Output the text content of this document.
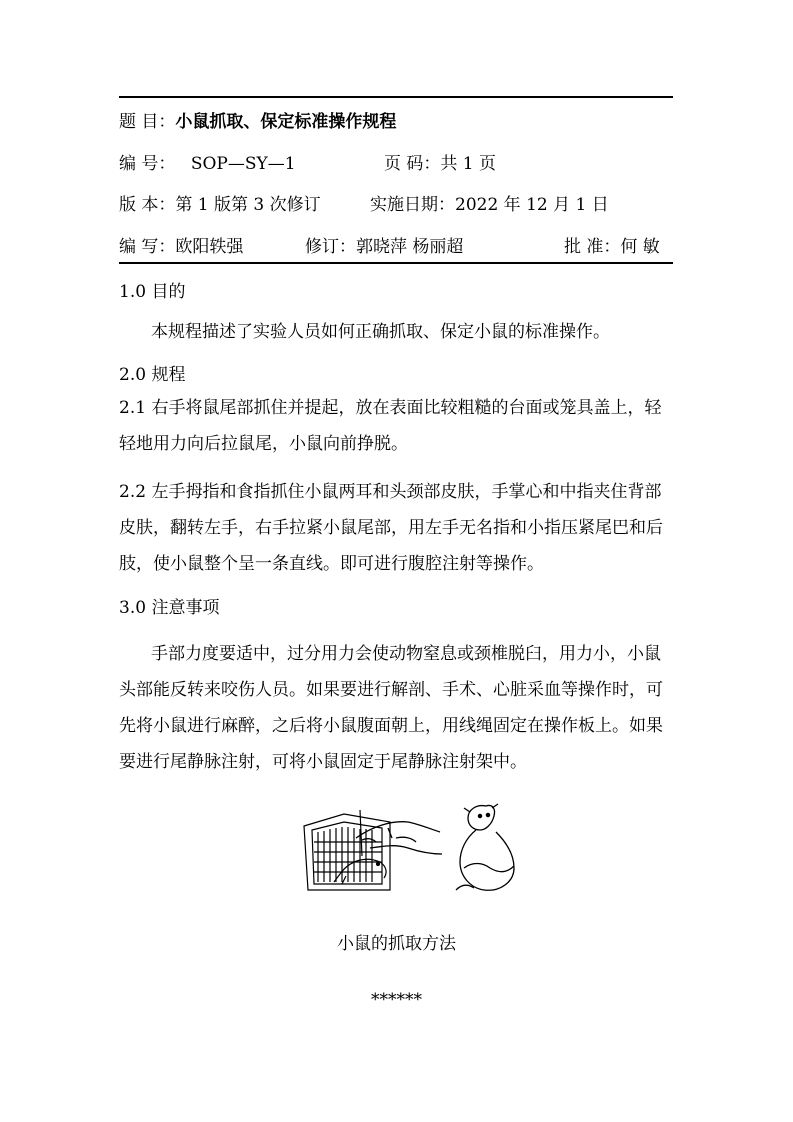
题 目：小鼠抓取、保定标准操作规程
编 号： SOP—SY—1	页 码：共 1 页
版 本：第 1 版第 3 次修订	实施日期：2022 年 12 月 1 日
编 写：欧阳轶强	修订：郭晓萍 杨丽超	批 准：何 敏
1.0 目的
本规程描述了实验人员如何正确抓取、保定小鼠的标准操作。
2.0 规程
2.1 右手将鼠尾部抓住并提起，放在表面比较粗糙的台面或笼具盖上，轻轻地用力向后拉鼠尾，小鼠向前挣脱。
2.2 左手拇指和食指抓住小鼠两耳和头颈部皮肤，手掌心和中指夹住背部皮肤，翻转左手，右手拉紧小鼠尾部，用左手无名指和小指压紧尾巴和后肢，使小鼠整个呈一条直线。即可进行腹腔注射等操作。
3.0 注意事项
手部力度要适中，过分用力会使动物窒息或颈椎脱臼，用力小，小鼠头部能反转来咬伤人员。如果要进行解剖、手术、心脏采血等操作时，可先将小鼠进行麻醉，之后将小鼠腹面朝上，用线绳固定在操作板上。如果要进行尾静脉注射，可将小鼠固定于尾静脉注射架中。
小鼠的抓取方法
******
